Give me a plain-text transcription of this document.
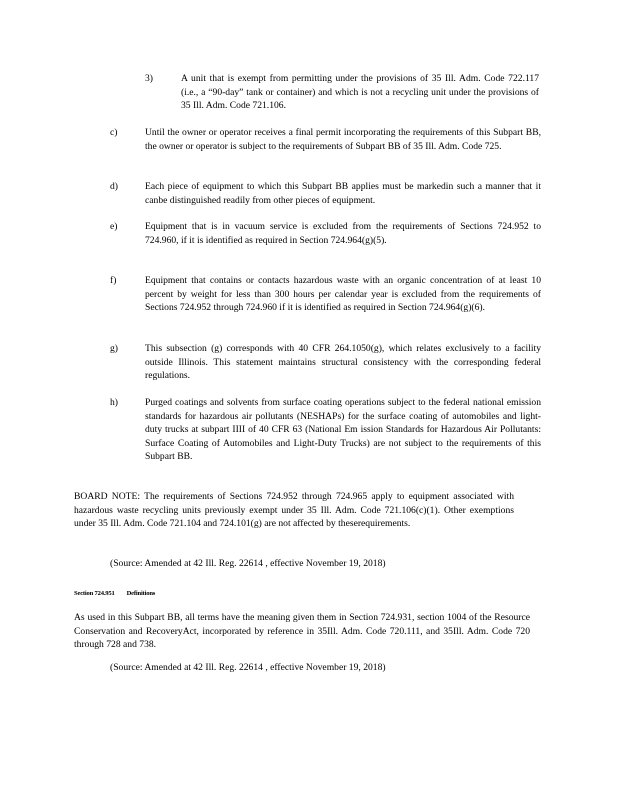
3)	A unit that is exempt from permitting under the provisions of 35 Ill. Adm. Code 722.117 (i.e., a “90-day” tank or container) and which is not a recycling unit under the provisions of 35 Ill. Adm. Code 721.106.
c)	Until the owner or operator receives a final permit incorporating the requirements of this Subpart BB, the owner or operator is subject to the requirements of Subpart BB of 35 Ill. Adm. Code 725.
d)	Each piece of equipment to which this Subpart BB applies must be markedin such a manner that it canbe distinguished readily from other pieces of equipment.
e)	Equipment that is in vacuum service is excluded from the requirements of Sections 724.952 to 724.960, if it is identified as required in Section 724.964(g)(5).
f)	Equipment that contains or contacts hazardous waste with an organic concentration of at least 10 percent by weight for less than 300 hours per calendar year is excluded from the requirements of Sections 724.952 through 724.960 if it is identified as required in Section 724.964(g)(6).
g)	This subsection (g) corresponds with 40 CFR 264.1050(g), which relates exclusively to a facility outside Illinois. This statement maintains structural consistency with the corresponding federal regulations.
h)	Purged coatings and solvents from surface coating operations subject to the federal national emission standards for hazardous air pollutants (NESHAPs) for the surface coating of automobiles and light-duty trucks at subpart IIII of 40 CFR 63 (National Em ission Standards for Hazardous Air Pollutants: Surface Coating of Automobiles and Light-Duty Trucks) are not subject to the requirements of this Subpart BB.
BOARD NOTE: The requirements of Sections 724.952 through 724.965 apply to equipment associated with hazardous waste recycling units previously exempt under 35 Ill. Adm. Code 721.106(c)(1). Other exemptions under 35 Ill. Adm. Code 721.104 and 724.101(g) are not affected by theserequirements.
(Source: Amended at 42 Ill. Reg. 22614 , effective November 19, 2018)
Section 724.951 Definitions
As used in this Subpart BB, all terms have the meaning given them in Section 724.931, section 1004 of the Resource Conservation and RecoveryAct, incorporated by reference in 35Ill. Adm. Code 720.111, and 35Ill. Adm. Code 720 through 728 and 738.
(Source: Amended at 42 Ill. Reg. 22614 , effective November 19, 2018)
